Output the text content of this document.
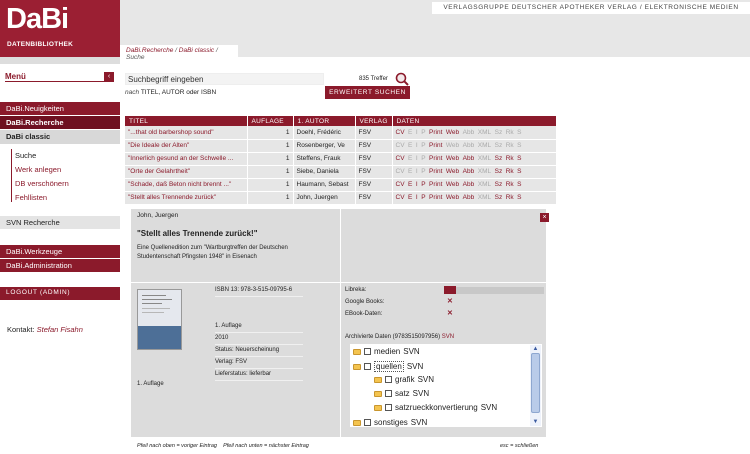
VERLAGSGRUPPE DEUTSCHER APOTHEKER VERLAG / ELEKTRONISCHE MEDIEN
DaBi
DATENBIBLIOTHEK
DaBi.Recherche / DaBi classic / Suche
Menü	‹
DaBi.Neuigkeiten
DaBi.Recherche
DaBi classic
Suche
Werk anlegen
DB verschönern
Fehllisten
SVN Recherche
DaBi.Werkzeuge
DaBi.Administration
LOGOUT (ADMIN)
Kontakt: Stefan Fisahn
Suchbegriff eingeben
nach TITEL, AUTOR oder ISBN
835 Treffer
ERWEITERT SUCHEN
TITEL	AUFLAGE	1. AUTOR	VERLAG	DATEN
"...that old barbershop sound"	1	Doehl, Frédéric	FSV	CV E I P Print Web Abb XML Sz Rk S
"Die Ideale der Alten"	1	Rosenberger, Ve	FSV	CV E I P Print Web Abb XML Sz Rk S
"Innerlich gesund an der Schwelle ...	1	Steffens, Frauk	FSV	CV E I P Print Web Abb XML Sz Rk S
"Orte der Gelahrtheit"	1	Siebe, Daniela	FSV	CV E I P Print Web Abb XML Sz Rk S
"Schade, daß Beton nicht brennt ..."	1	Haumann, Sebast	FSV	CV E I P Print Web Abb XML Sz Rk S
"Stellt alles Trennende zurück"	1	John, Juergen	FSV	CV E I P Print Web Abb XML Sz Rk S
John, Juergen	×
"Stellt alles Trennende zurück!"
Eine Quellenedition zum "Wartburgtreffen der Deutschen Studentenschaft Pfingsten 1948" in Eisenach
ISBN 13: 978-3-515-09795-6
1. Auflage
2010
Status: Neuerscheinung
Verlag: FSV
Lieferstatus: lieferbar
1. Auflage
Libreka:
Google Books:	✕
EBook-Daten:	✕
Archivierte Daten (9783515097956) SVN
medien SVN
quellen SVN
grafik SVN
satz SVN
satzrueckkonvertierung SVN
sonstiges SVN
▲
▼
Pfeil nach oben = voriger Eintrag    Pfeil nach unten = nächster Eintrag	esc = schließen
